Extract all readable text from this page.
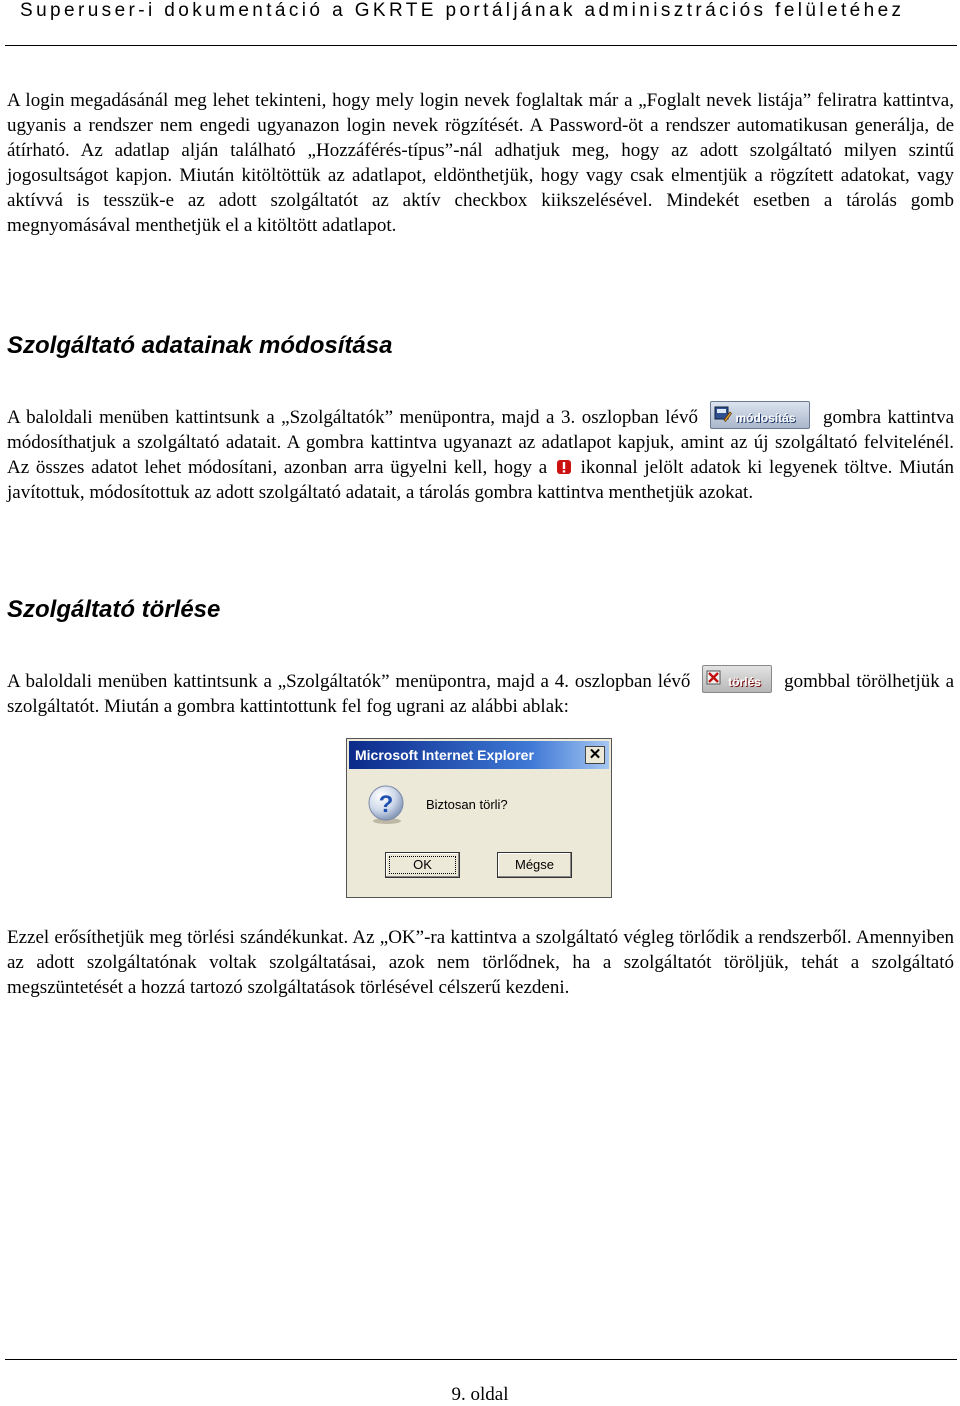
Superuser-i dokumentáció a GKRTE portáljának adminisztrációs felületéhez
A login megadásánál meg lehet tekinteni, hogy mely login nevek foglaltak már a „Foglalt nevek listája” feliratra kattintva, ugyanis a rendszer nem engedi ugyanazon login nevek rögzítését. A Password-öt a rendszer automatikusan generálja, de átírható. Az adatlap alján található „Hozzáférés-típus”-nál adhatjuk meg, hogy az adott szolgáltató milyen szintű jogosultságot kapjon. Miután kitöltöttük az adatlapot, eldönthetjük, hogy vagy csak elmentjük a rögzített adatokat, vagy aktívvá is tesszük-e az adott szolgáltatót az aktív checkbox kiikszelésével. Mindekét esetben a tárolás gomb megnyomásával menthetjük el a kitöltött adatlapot.
Szolgáltató adatainak módosítása
A baloldali menüben kattintsunk a „Szolgáltatók” menüpontra, majd a 3. oszlopban lévő	módosítás gombra kattintva módosíthatjuk a szolgáltató adatait. A gombra kattintva ugyanazt az adatlapot kapjuk, amint az új szolgáltató felvitelénél. Az összes adatot lehet módosítani, azonban arra ügyelni kell, hogy a ikonnal jelölt adatok ki legyenek töltve. Miután javítottuk, módosítottuk az adott szolgáltató adatait, a tárolás gombra kattintva menthetjük azokat.
Szolgáltató törlése
A baloldali menüben kattintsunk a „Szolgáltatók” menüpontra, majd a 4. oszlopban lévő	törlés gombbal törölhetjük a szolgáltatót. Miután a gombra kattintottunk fel fog ugrani az alábbi ablak:
Microsoft Internet Explorer	✕
?	Biztosan törli?
OK	Mégse
Ezzel erősíthetjük meg törlési szándékunkat. Az „OK”-ra kattintva a szolgáltató végleg törlődik a rendszerből. Amennyiben az adott szolgáltatónak voltak szolgáltatásai, azok nem törlődnek, ha a szolgáltatót töröljük, tehát a szolgáltató megszüntetését a hozzá tartozó szolgáltatások törlésével célszerű kezdeni.
9. oldal
